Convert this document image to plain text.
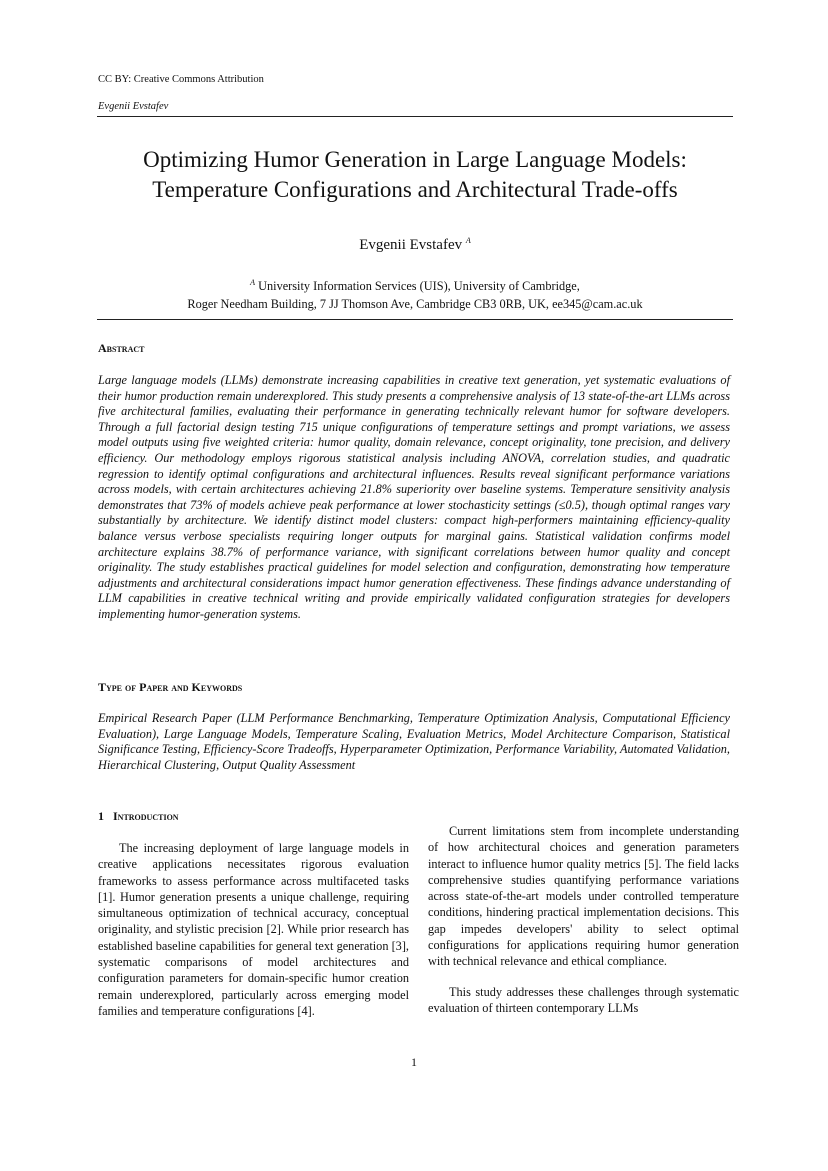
CC BY: Creative Commons Attribution
Evgenii Evstafev
Optimizing Humor Generation in Large Language Models:
Temperature Configurations and Architectural Trade-offs
Evgenii Evstafev $^A$
$^A$ University Information Services (UIS), University of Cambridge,
Roger Needham Building, 7 JJ Thomson Ave, Cambridge CB3 0RB, UK, ee345@cam.ac.uk
Abstract

Large language models (LLMs) demonstrate increasing capabilities in creative text generation, yet systematic evaluations of their humor production remain underexplored. This study presents a comprehensive analysis of 13 state-of-the-art LLMs across five architectural families, evaluating their performance in generating technically relevant humor for software developers. Through a full factorial design testing 715 unique configurations of temperature settings and prompt variations, we assess model outputs using five weighted criteria: humor quality, domain relevance, concept originality, tone precision, and delivery efficiency. Our methodology employs rigorous statistical analysis including ANOVA, correlation studies, and quadratic regression to identify optimal configurations and architectural influences. Results reveal significant performance variations across models, with certain architectures achieving 21.8% superiority over baseline systems. Temperature sensitivity analysis demonstrates that 73% of models achieve peak performance at lower stochasticity settings (≤0.5), though optimal ranges vary substantially by architecture. We identify distinct model clusters: compact high-performers maintaining efficiency-quality balance versus verbose specialists requiring longer outputs for marginal gains. Statistical validation confirms model architecture explains 38.7% of performance variance, with significant correlations between humor quality and concept originality. The study establishes practical guidelines for model selection and configuration, demonstrating how temperature adjustments and architectural considerations impact humor generation effectiveness. These findings advance understanding of LLM capabilities in creative technical writing and provide empirically validated configuration strategies for developers implementing humor-generation systems.

Type of Paper and Keywords

Empirical Research Paper (LLM Performance Benchmarking, Temperature Optimization Analysis, Computational Efficiency Evaluation), Large Language Models, Temperature Scaling, Evaluation Metrics, Model Architecture Comparison, Statistical Significance Testing, Efficiency-Score Tradeoffs, Hyperparameter Optimization, Performance Variability, Automated Validation, Hierarchical Clustering, Output Quality Assessment

1 Introduction

The increasing deployment of large language models in creative applications necessitates rigorous evaluation frameworks to assess performance across multifaceted tasks [1]. Humor generation presents a unique challenge, requiring simultaneous optimization of technical accuracy, conceptual originality, and stylistic precision [2]. While prior research has established baseline capabilities for general text generation [3], systematic comparisons of model architectures and configuration parameters for domain-specific humor creation remain underexplored, particularly across emerging model families and temperature configurations [4].

Current limitations stem from incomplete understanding of how architectural choices and generation parameters interact to influence humor quality metrics [5]. The field lacks comprehensive studies quantifying performance variations across state-of-the-art models under controlled temperature conditions, hindering practical implementation decisions. This gap impedes developers' ability to select optimal configurations for applications requiring humor generation with technical relevance and ethical compliance.

This study addresses these challenges through systematic evaluation of thirteen contemporary LLMs

1
